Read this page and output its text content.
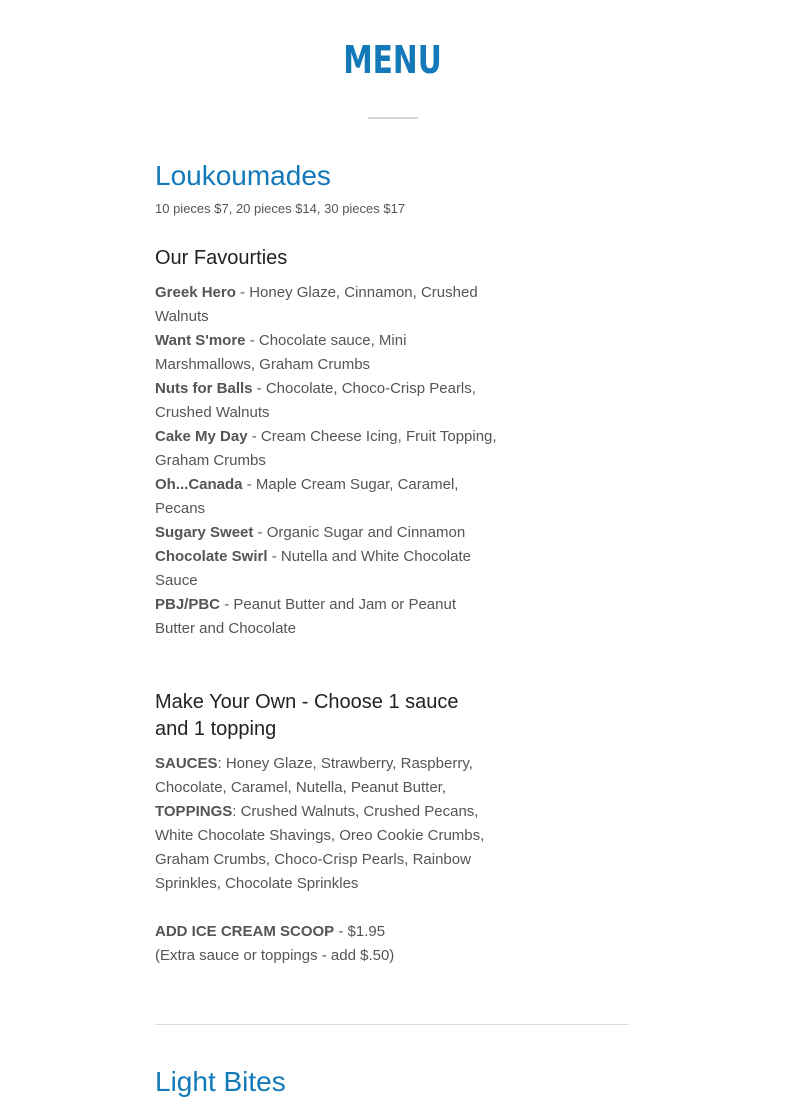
MENU
Loukoumades

10 pieces $7, 20 pieces $14, 30 pieces $17

Our Favourties

Greek Hero - Honey Glaze, Cinnamon, Crushed Walnuts

Want S'more - Chocolate sauce, Mini Marshmallows, Graham Crumbs

Nuts for Balls - Chocolate, Choco-Crisp Pearls, Crushed Walnuts

Cake My Day - Cream Cheese Icing, Fruit Topping, Graham Crumbs

Oh...Canada - Maple Cream Sugar, Caramel, Pecans

Sugary Sweet - Organic Sugar and Cinnamon

Chocolate Swirl - Nutella and White Chocolate Sauce

PBJ/PBC - Peanut Butter and Jam or Peanut Butter and Chocolate

Make Your Own - Choose 1 sauce and 1 topping

SAUCES: Honey Glaze, Strawberry, Raspberry, Chocolate, Caramel, Nutella, Peanut Butter,

TOPPINGS: Crushed Walnuts, Crushed Pecans, White Chocolate Shavings, Oreo Cookie Crumbs, Graham Crumbs, Choco-Crisp Pearls, Rainbow Sprinkles, Chocolate Sprinkles

ADD ICE CREAM SCOOP - $1.95

(Extra sauce or toppings - add $.50)

Light Bites
